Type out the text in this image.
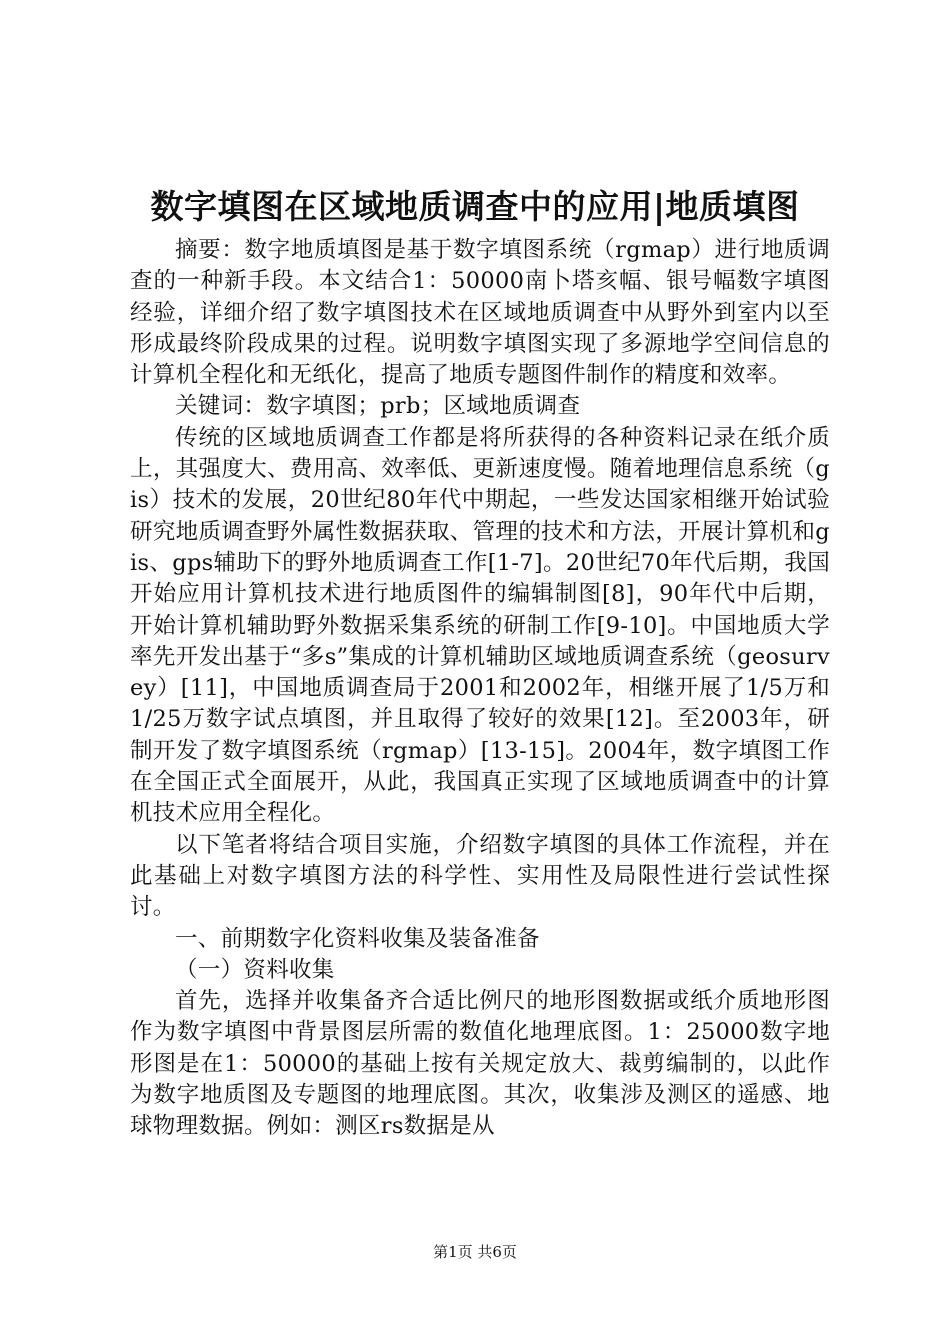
数字填图在区域地质调查中的应用|地质填图

摘要：数字地质填图是基于数字填图系统（rgmap）进行地质调查的一种新手段。本文结合1：50000南卜塔亥幅、银号幅数字填图经验，详细介绍了数字填图技术在区域地质调查中从野外到室内以至形成最终阶段成果的过程。说明数字填图实现了多源地学空间信息的计算机全程化和无纸化，提高了地质专题图件制作的精度和效率。

关键词：数字填图；prb；区域地质调查

传统的区域地质调查工作都是将所获得的各种资料记录在纸介质上，其强度大、费用高、效率低、更新速度慢。随着地理信息系统（gis）技术的发展，20世纪80年代中期起，一些发达国家相继开始试验研究地质调查野外属性数据获取、管理的技术和方法，开展计算机和gis、gps辅助下的野外地质调查工作[1-7]。20世纪70年代后期，我国开始应用计算机技术进行地质图件的编辑制图[8]，90年代中后期，开始计算机辅助野外数据采集系统的研制工作[9-10]。中国地质大学率先开发出基于“多s”集成的计算机辅助区域地质调查系统（geosurvey）[11]，中国地质调查局于2001和2002年，相继开展了1/5万和1/25万数字试点填图，并且取得了较好的效果[12]。至2003年，研制开发了数字填图系统（rgmap）[13-15]。2004年，数字填图工作在全国正式全面展开，从此，我国真正实现了区域地质调查中的计算机技术应用全程化。

以下笔者将结合项目实施，介绍数字填图的具体工作流程，并在此基础上对数字填图方法的科学性、实用性及局限性进行尝试性探讨。

一、前期数字化资料收集及装备准备

（一）资料收集

首先，选择并收集备齐合适比例尺的地形图数据或纸介质地形图作为数字填图中背景图层所需的数值化地理底图。1：25000数字地形图是在1：50000的基础上按有关规定放大、裁剪编制的，以此作为数字地质图及专题图的地理底图。其次，收集涉及测区的遥感、地球物理数据。例如：测区rs数据是从

第1页 共6页
